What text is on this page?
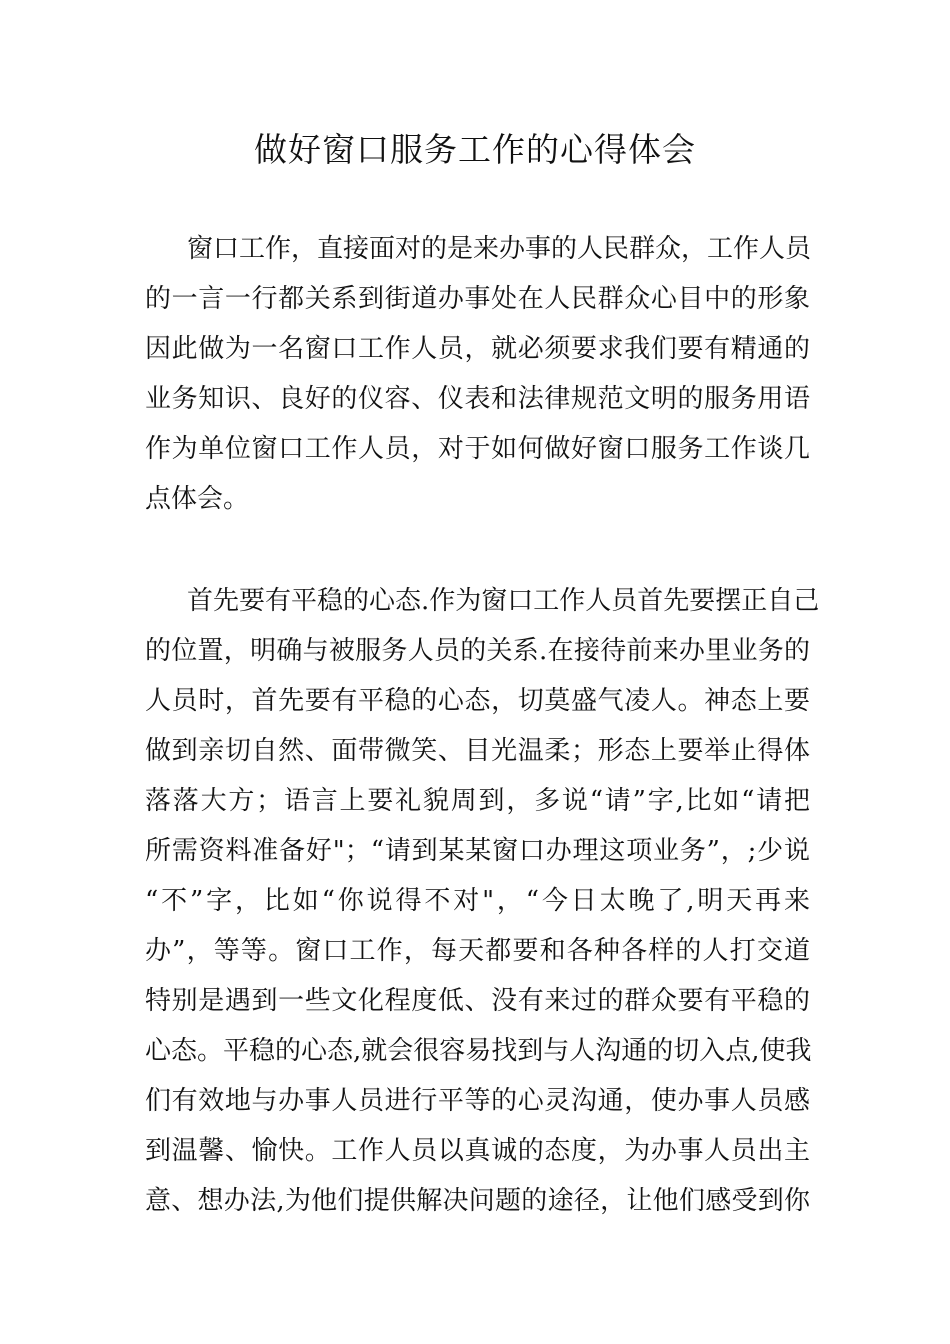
做好窗口服务工作的心得体会
窗口工作，直接面对的是来办事的人民群众，工作人员
的一言一行都关系到街道办事处在人民群众心目中的形象
因此做为一名窗口工作人员，就必须要求我们要有精通的
业务知识、良好的仪容、仪表和法律规范文明的服务用语
作为单位窗口工作人员，对于如何做好窗口服务工作谈几
点体会。
首先要有平稳的心态.作为窗口工作人员首先要摆正自己
的位置，明确与被服务人员的关系.在接待前来办里业务的
人员时，首先要有平稳的心态，切莫盛气凌人。神态上要
做到亲切自然、面带微笑、目光温柔；形态上要举止得体
落落大方；语言上要礼貌周到，多说“请”字,比如“请把
所需资料准备好"；“请到某某窗口办理这项业务”，;少说
“不”字，比如“你说得不对"，“今日太晚了,明天再来
办”，等等。窗口工作，每天都要和各种各样的人打交道
特别是遇到一些文化程度低、没有来过的群众要有平稳的
心态。平稳的心态,就会很容易找到与人沟通的切入点,使我
们有效地与办事人员进行平等的心灵沟通，使办事人员感
到温馨、愉快。工作人员以真诚的态度，为办事人员出主
意、想办法,为他们提供解决问题的途径，让他们感受到你
